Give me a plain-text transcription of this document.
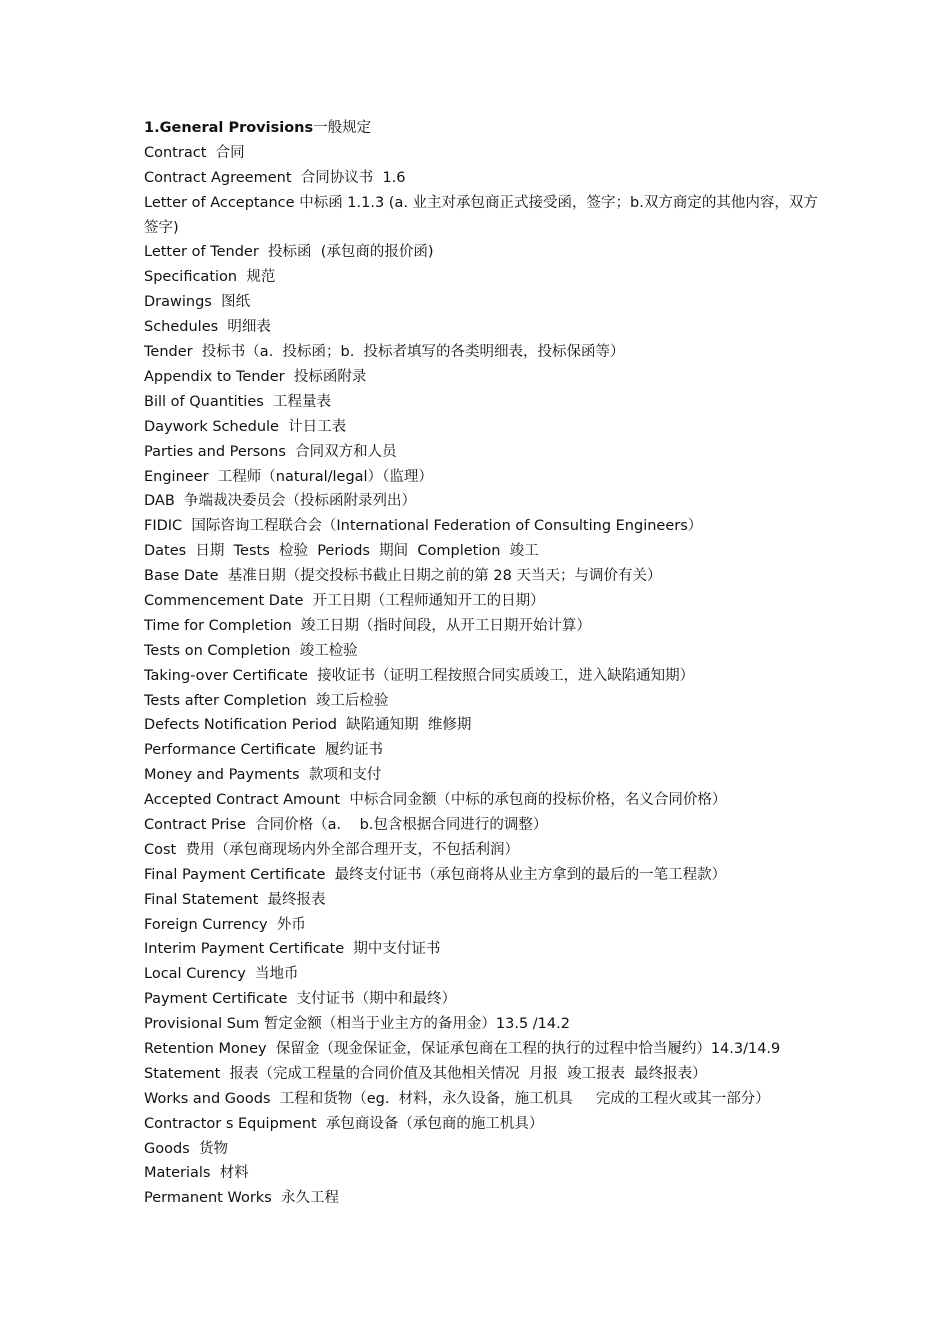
1.General Provisions一般规定
Contract  合同
Contract Agreement  合同协议书  1.6
Letter of Acceptance 中标函 1.1.3 (a. 业主对承包商正式接受函，签字；b.双方商定的其他内容，双方签字)
Letter of Tender  投标函  (承包商的报价函)
Specification  规范
Drawings  图纸
Schedules  明细表
Tender  投标书（a.  投标函；b.  投标者填写的各类明细表，投标保函等）
Appendix to Tender  投标函附录
Bill of Quantities  工程量表
Daywork Schedule  计日工表
Parties and Persons  合同双方和人员
Engineer  工程师（natural/legal）（监理）
DAB  争端裁决委员会（投标函附录列出）
FIDIC  国际咨询工程联合会（International Federation of Consulting Engineers）
Dates  日期  Tests  检验  Periods  期间  Completion  竣工
Base Date  基准日期（提交投标书截止日期之前的第 28 天当天；与调价有关）
Commencement Date  开工日期（工程师通知开工的日期）
Time for Completion  竣工日期（指时间段，从开工日期开始计算）
Tests on Completion  竣工检验
Taking-over Certificate  接收证书（证明工程按照合同实质竣工，进入缺陷通知期）
Tests after Completion  竣工后检验
Defects Notification Period  缺陷通知期  维修期
Performance Certificate  履约证书
Money and Payments  款项和支付
Accepted Contract Amount  中标合同金额（中标的承包商的投标价格，名义合同价格）
Contract Prise  合同价格（a.    b.包含根据合同进行的调整）
Cost  费用（承包商现场内外全部合理开支，不包括利润）
Final Payment Certificate  最终支付证书（承包商将从业主方拿到的最后的一笔工程款）
Final Statement  最终报表
Foreign Currency  外币
Interim Payment Certificate  期中支付证书
Local Curency  当地币
Payment Certificate  支付证书（期中和最终）
Provisional Sum 暂定金额（相当于业主方的备用金）13.5 /14.2
Retention Money  保留金（现金保证金，保证承包商在工程的执行的过程中恰当履约）14.3/14.9
Statement  报表（完成工程量的合同价值及其他相关情况  月报  竣工报表  最终报表）
Works and Goods  工程和货物（eg.  材料，永久设备，施工机具     完成的工程火或其一部分）
Contractor s Equipment  承包商设备（承包商的施工机具）
Goods  货物
Materials  材料
Permanent Works  永久工程
